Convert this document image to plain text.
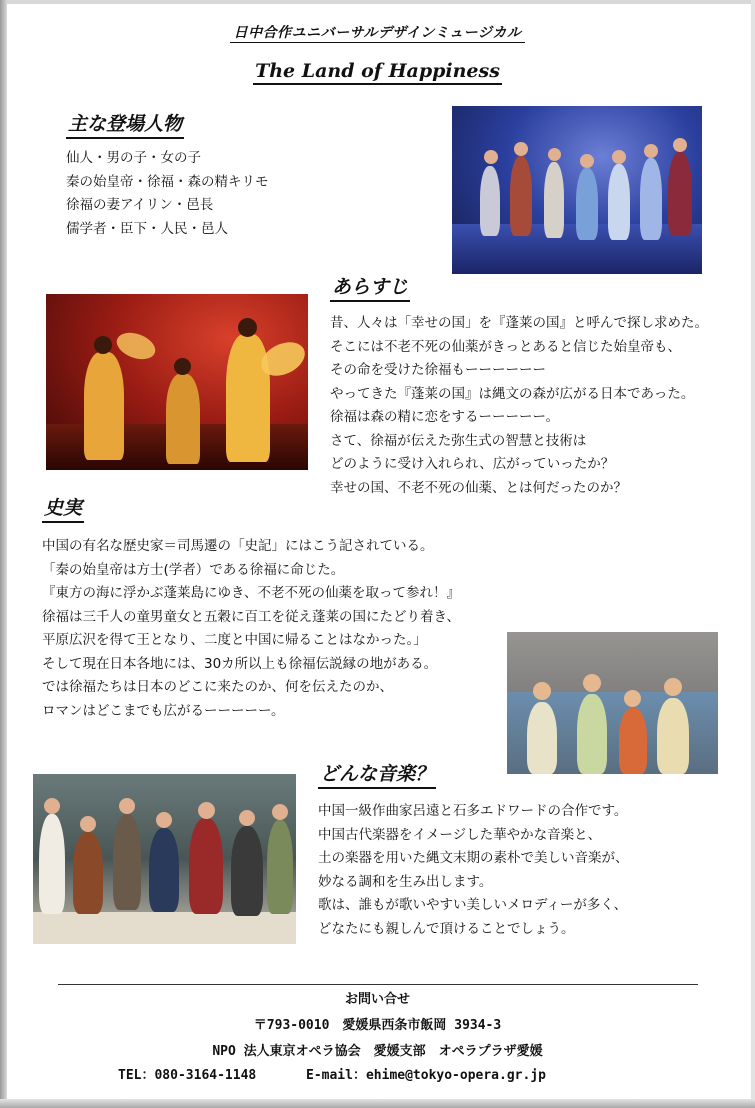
日中合作ユニバーサルデザインミュージカル
The Land of Happiness
主な登場人物
仙人・男の子・女の子
秦の始皇帝・徐福・森の精キリモ
徐福の妻アイリン・邑長
儒学者・臣下・人民・邑人
あらすじ
昔、人々は「幸せの国」を『蓬莱の国』と呼んで探し求めた。
そこには不老不死の仙薬がきっとあると信じた始皇帝も、
その命を受けた徐福もーーーーーー
やってきた『蓬莱の国』は縄文の森が広がる日本であった。
徐福は森の精に恋をするーーーーー。
さて、徐福が伝えた弥生式の智慧と技術は
どのように受け入れられ、広がっていったか？
幸せの国、不老不死の仙薬、とは何だったのか？
史実
中国の有名な歴史家＝司馬遷の「史記」にはこう記されている。
「秦の始皇帝は方士(学者）である徐福に命じた。
『東方の海に浮かぶ蓬莱島にゆき、不老不死の仙薬を取って参れ！』
徐福は三千人の童男童女と五穀に百工を従え蓬莱の国にたどり着き、
平原広沢を得て王となり、二度と中国に帰ることはなかった。」
そして現在日本各地には、30カ所以上も徐福伝説縁の地がある。
では徐福たちは日本のどこに来たのか、何を伝えたのか、
ロマンはどこまでも広がるーーーーー。
どんな音楽？
中国一級作曲家呂遠と石多エドワードの合作です。
中国古代楽器をイメージした華やかな音楽と、
土の楽器を用いた縄文末期の素朴で美しい音楽が、
妙なる調和を生み出します。
歌は、誰もが歌いやすい美しいメロディーが多く、
どなたにも親しんで頂けることでしょう。
お問い合せ
〒793-0010　愛媛県西条市飯岡 3934-3
NPO 法人東京オペラ協会　愛媛支部　オペラプラザ愛媛
TEL：080-3164-1148	E-mail：ehime@tokyo-opera.gr.jp
